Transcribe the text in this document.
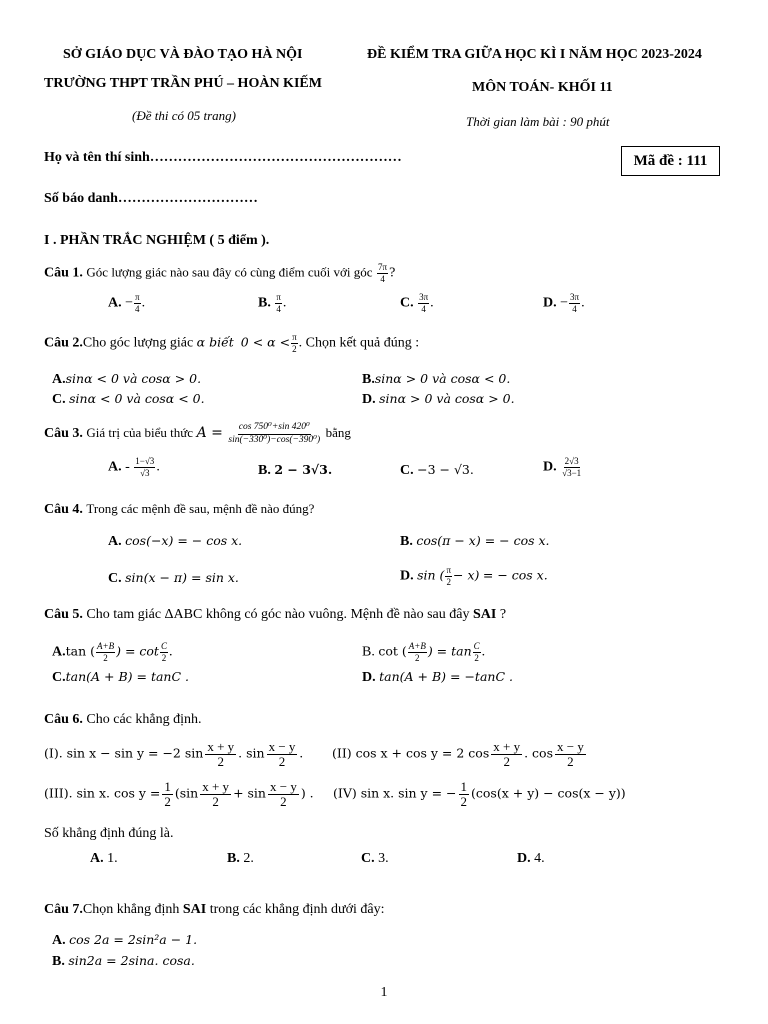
SỞ GIÁO DỤC VÀ ĐÀO TẠO HÀ NỘI
TRƯỜNG THPT TRẦN PHÚ – HOÀN KIẾM
(Đề thi có 05 trang)
ĐỀ KIỂM TRA GIỮA HỌC KÌ I NĂM HỌC 2023-2024
MÔN TOÁN- KHỐI 11
Thời gian làm bài : 90 phút
Họ và tên thí sinh………………………………………………	Mã đề : 111
Số báo danh…………………………
I . PHẦN TRẮC NGHIỆM ( 5 điểm ).
Câu 1. Góc lượng giác nào sau đây có cùng điểm cuối với góc $\frac{7\pi}{4}$ ?
A. − $\frac{\pi}{4}$ .	B. $\frac{\pi}{4}$ .	C. $\frac{3\pi}{4}$ .	D. − $\frac{3\pi}{4}$ .
Câu 2.Cho góc lượng giác α biết $0 < \alpha < \frac{\pi}{2}$ . Chọn kết quả đúng :
A.sinα < 0 và cosα > 0.	B.sinα > 0 và cosα < 0.
C. sinα < 0 và cosα < 0.	D. sinα > 0 và cosα > 0.
Câu 3. Giá trị của biểu thức $A = \frac{\text{cos 750⁰+sin 420⁰}}{\text{sin(−330⁰)−cos(−390⁰)}}$ bằng
A. - $\frac{1-√3}{√3}$ .	B. 2 − 3√3.	C. −3 − √3.	D. $\frac{2√3}{√3-1}$
Câu 4. Trong các mệnh đề sau, mệnh đề nào đúng?
A. cos(−x) = − cos x.	B. cos(π − x) = − cos x.
C. sin(x − π) = sin x.	D. sin ( $\frac{\pi}{2} - x$) = − cos x.
Câu 5. Cho tam giác ΔABC không có góc nào vuông. Mệnh đề nào sau đây SAI ?
A.tan ( $\frac{A+B}{2}$ ) = $\cot \frac{C}{2}$ .	B. cot ( $\frac{A+B}{2}$ ) = $\tan \frac{C}{2}$ .
C.tan(A + B) = tanC .	D. tan(A + B) = −tanC .
Câu 6. Cho các khẳng định.
(I). sin x − sin y = −2 $\sin \frac{x + y}{2}$ . $\sin \frac{x - y}{2}$ . (II) cos x + cos y = 2 $\cos \frac{x + y}{2}$ . $\cos \frac{x - y}{2}$
(III). sin x. $\cos y = \frac{1}{2} (\sin \frac{x + y}{2} + \sin \frac{x - y}{2}$ ) . (IV) sin x. sin y = − $\frac{1}{2} (\cos(x + y) - \cos(x - y))$
Số khẳng định đúng là.
A. 1.	B. 2.	C. 3.	D. 4.
Câu 7.Chọn khẳng định SAI trong các khẳng định dưới đây:
A. cos 2a = 2sin²a − 1.
B. sin2a = 2sina. cosa.
1
